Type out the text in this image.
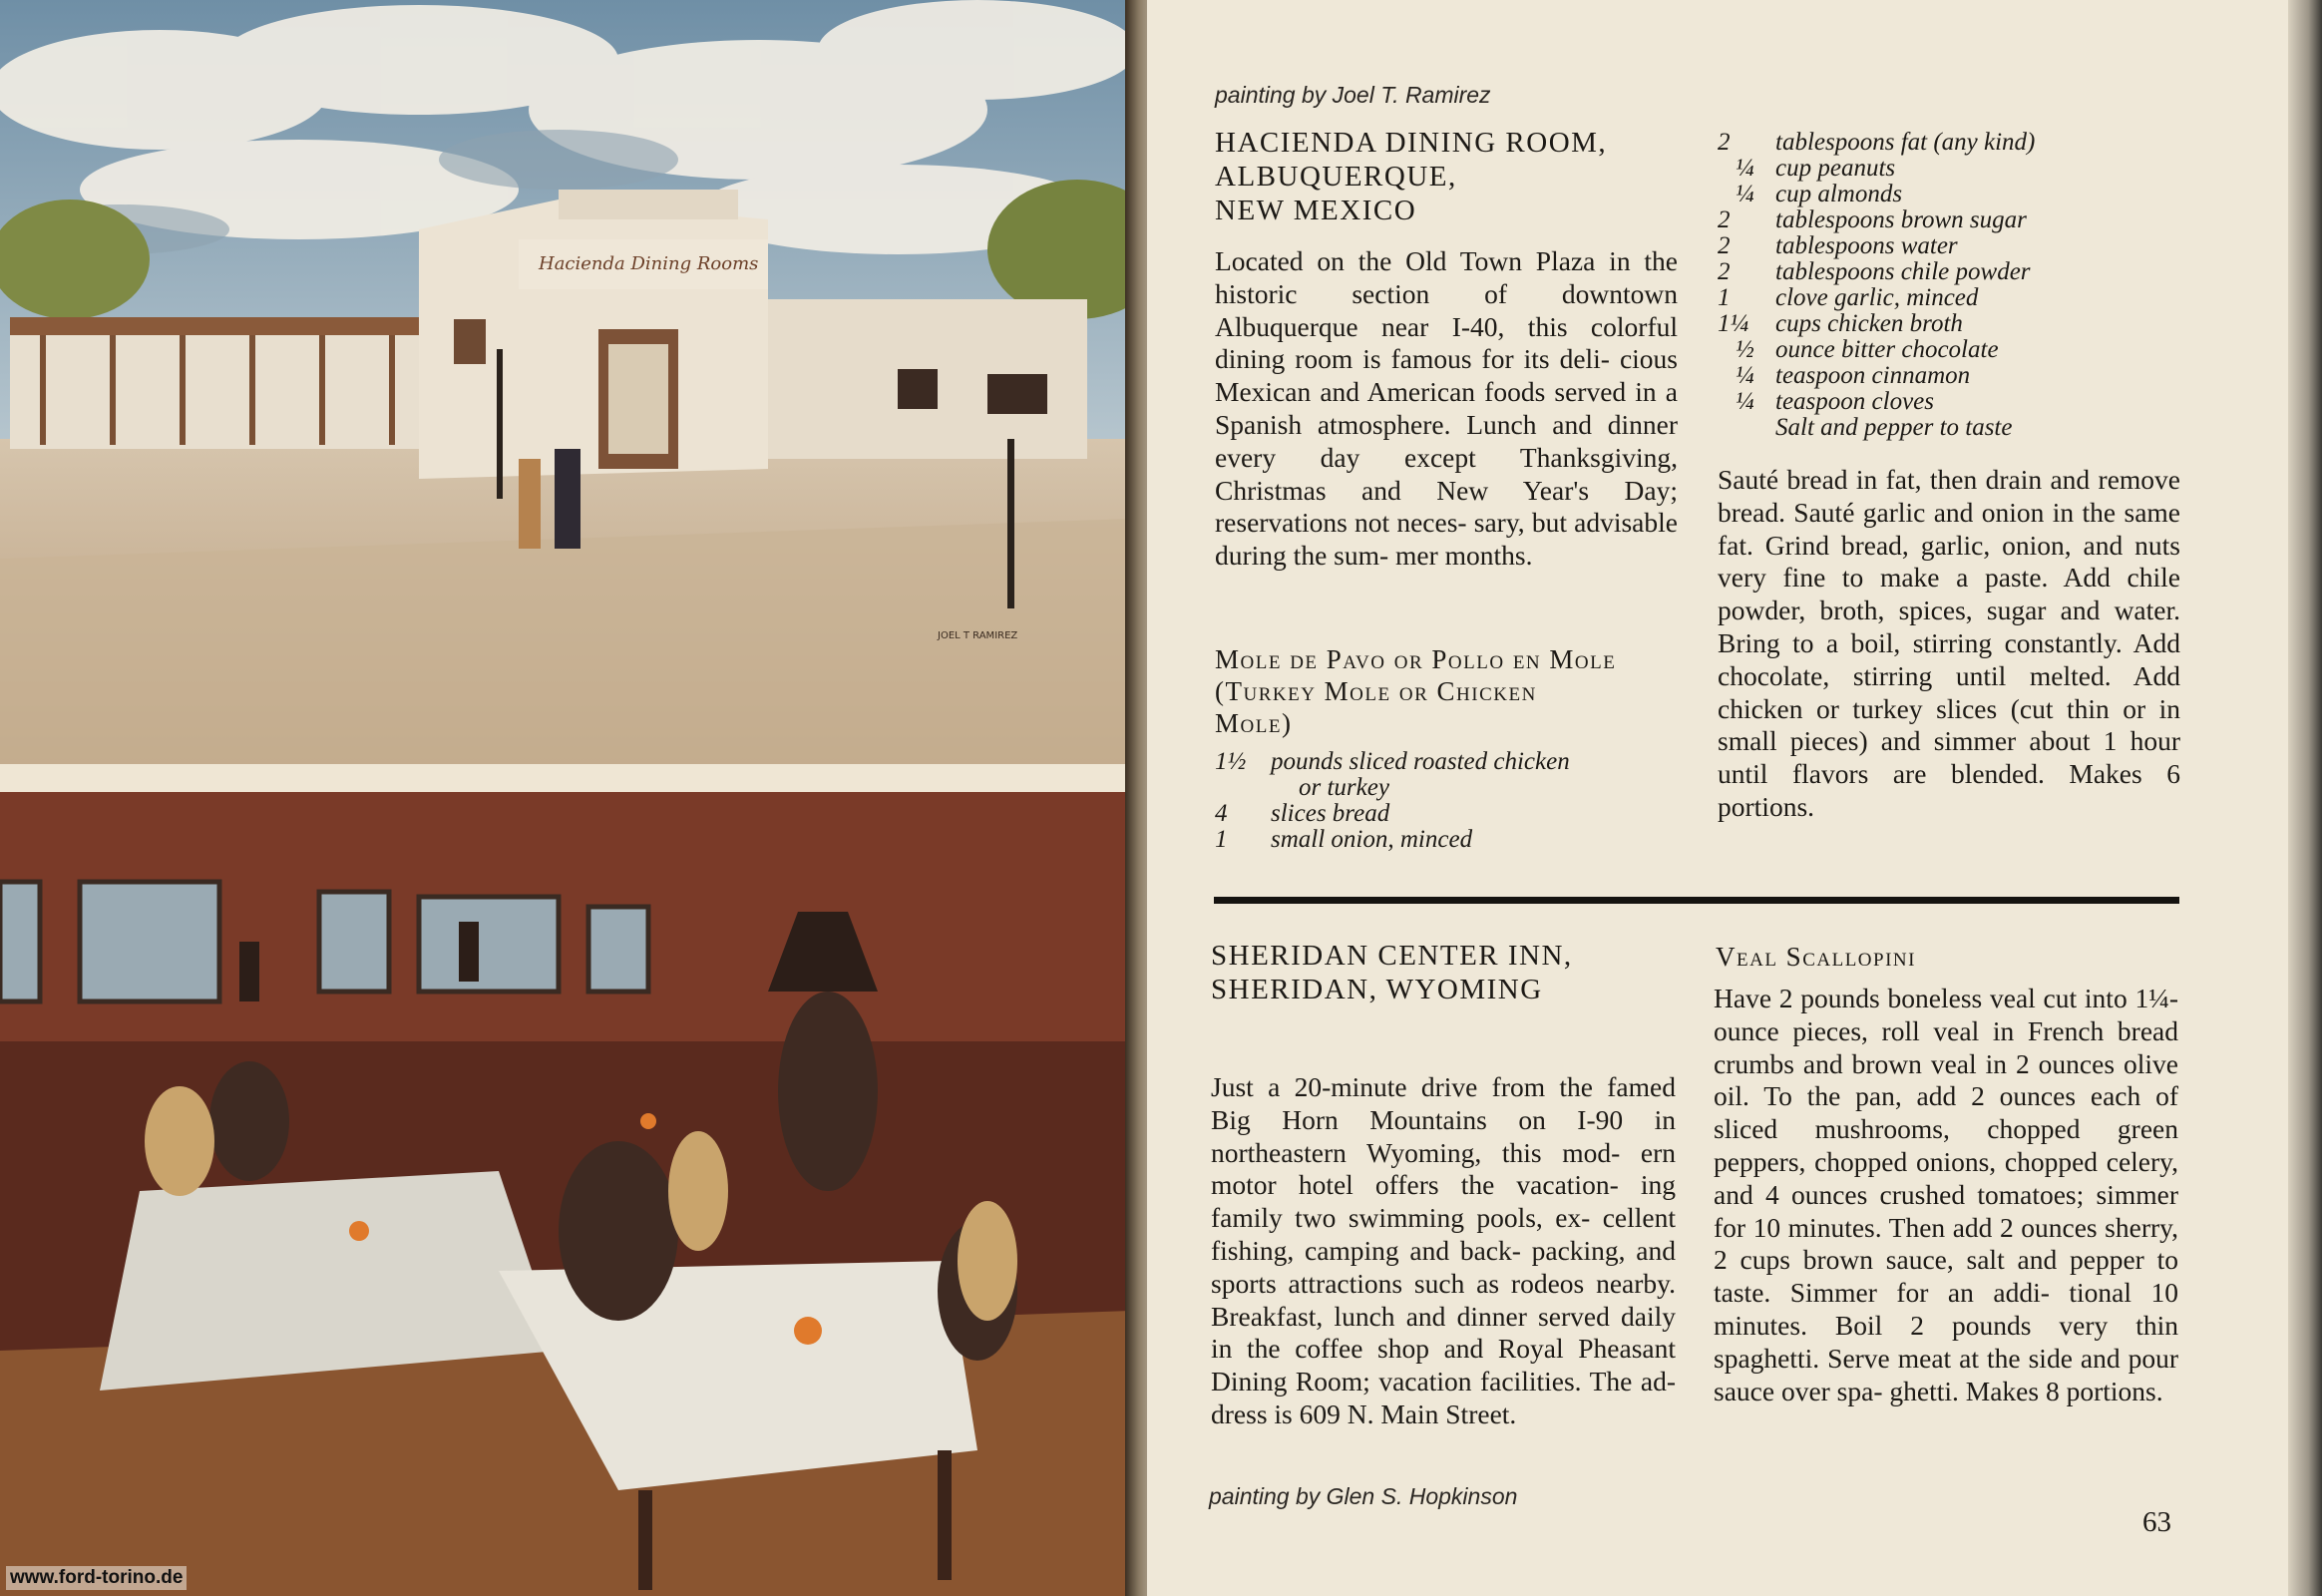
Hacienda Dining Rooms
JOEL T RAMIREZ
www.ford-torino.de
painting by Joel T. Ramirez
HACIENDA DINING ROOM,
ALBUQUERQUE,
NEW MEXICO
Located on the Old Town Plaza in the historic section of downtown Albuquerque near I-40, this colorful dining room is famous for its deli- cious Mexican and American foods served in a Spanish atmosphere. Lunch and dinner every day except Thanksgiving, Christmas and New Year's Day; reservations not neces- sary, but advisable during the sum- mer months.
Mole de Pavo or Pollo en Mole
(Turkey Mole or Chicken
Mole)
1½ pounds sliced roasted chicken
or turkey
4	slices bread
1	small onion, minced
2	tablespoons fat (any kind)
¼ cup peanuts
¼ cup almonds
2	tablespoons brown sugar
2	tablespoons water
2	tablespoons chile powder
1	clove garlic, minced
1¼	cups chicken broth
½ ounce bitter chocolate
¼ teaspoon cinnamon
¼ teaspoon cloves
Salt and pepper to taste
Sauté bread in fat, then drain and remove bread. Sauté garlic and onion in the same fat. Grind bread, garlic, onion, and nuts very fine to make a paste. Add chile powder, broth, spices, sugar and water. Bring to a boil, stirring constantly. Add chocolate, stirring until melted. Add chicken or turkey slices (cut thin or in small pieces) and simmer about 1 hour until flavors are blended. Makes 6 portions.
SHERIDAN CENTER INN,
SHERIDAN, WYOMING
Just a 20-minute drive from the famed Big Horn Mountains on I-90 in northeastern Wyoming, this mod- ern motor hotel offers the vacation- ing family two swimming pools, ex- cellent fishing, camping and back- packing, and sports attractions such as rodeos nearby. Breakfast, lunch and dinner served daily in the coffee shop and Royal Pheasant Dining Room; vacation facilities. The ad- dress is 609 N. Main Street.
painting by Glen S. Hopkinson
Veal Scallopini
Have 2 pounds boneless veal cut into 1¼-ounce pieces, roll veal in French bread crumbs and brown veal in 2 ounces olive oil. To the pan, add 2 ounces each of sliced mushrooms, chopped green peppers, chopped onions, chopped celery, and 4 ounces crushed tomatoes; simmer for 10 minutes. Then add 2 ounces sherry, 2 cups brown sauce, salt and pepper to taste. Simmer for an addi- tional 10 minutes. Boil 2 pounds very thin spaghetti. Serve meat at the side and pour sauce over spa- ghetti. Makes 8 portions.
63
